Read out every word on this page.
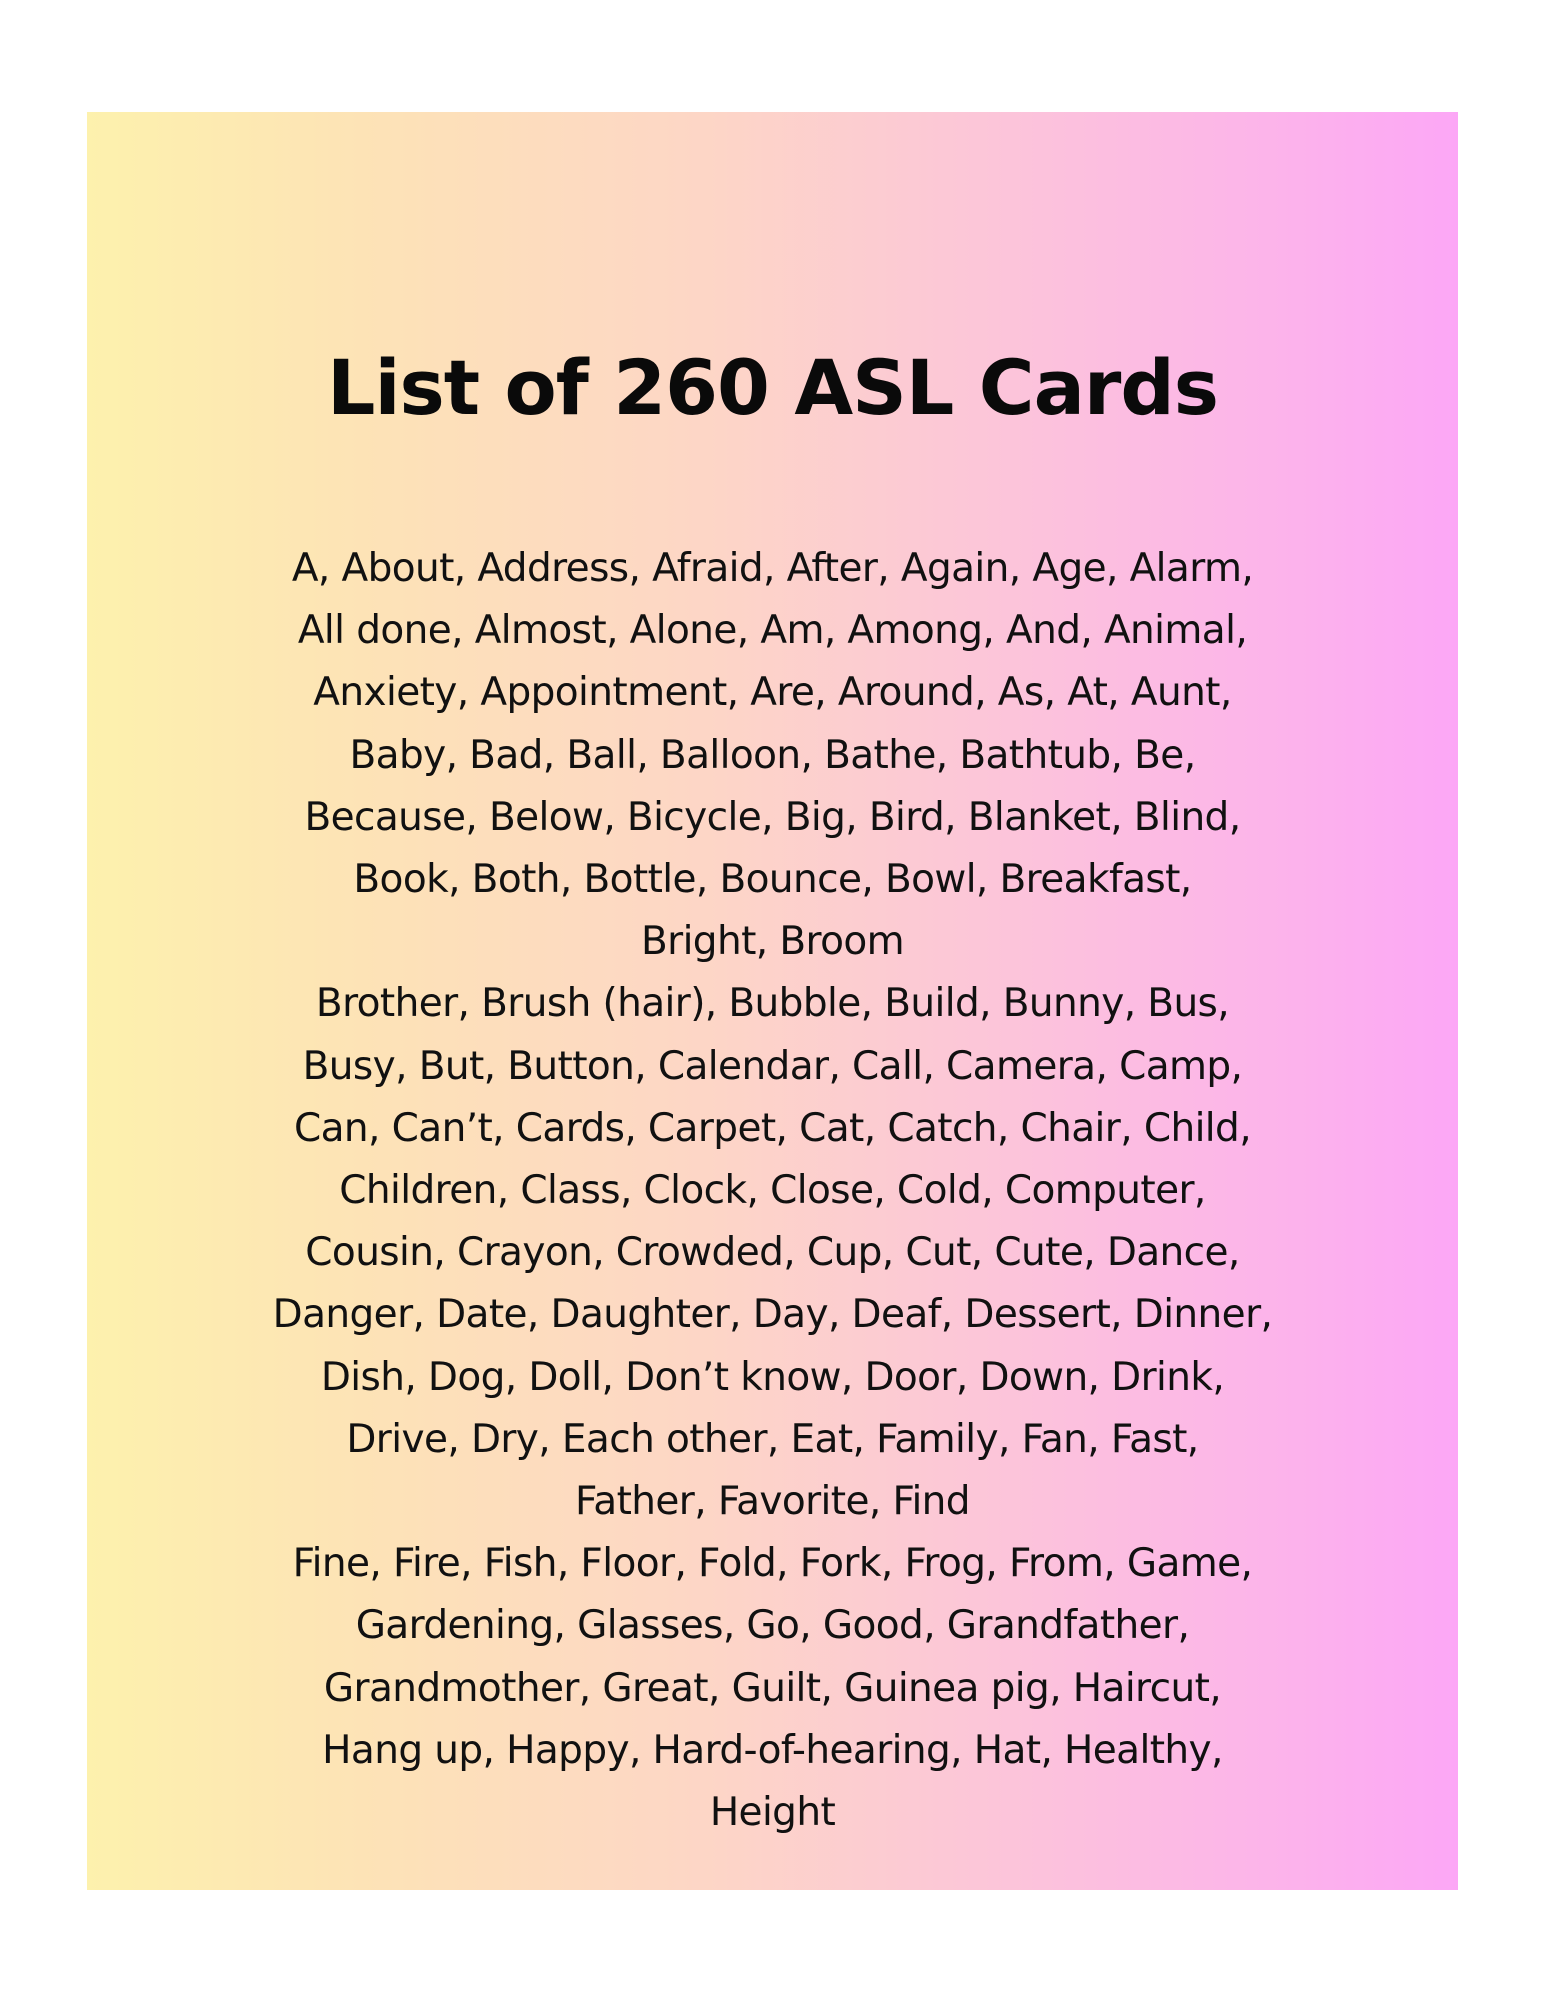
List of 260 ASL Cards
A, About, Address, Afraid, After, Again, Age, Alarm,
All done, Almost, Alone, Am, Among, And, Animal,
Anxiety, Appointment, Are, Around, As, At, Aunt,
Baby, Bad, Ball, Balloon, Bathe, Bathtub, Be,
Because, Below, Bicycle, Big, Bird, Blanket, Blind,
Book, Both, Bottle, Bounce, Bowl, Breakfast,
Bright, Broom
Brother, Brush (hair), Bubble, Build, Bunny, Bus,
Busy, But, Button, Calendar, Call, Camera, Camp,
Can, Can’t, Cards, Carpet, Cat, Catch, Chair, Child,
Children, Class, Clock, Close, Cold, Computer,
Cousin, Crayon, Crowded, Cup, Cut, Cute, Dance,
Danger, Date, Daughter, Day, Deaf, Dessert, Dinner,
Dish, Dog, Doll, Don’t know, Door, Down, Drink,
Drive, Dry, Each other, Eat, Family, Fan, Fast,
Father, Favorite, Find
Fine, Fire, Fish, Floor, Fold, Fork, Frog, From, Game,
Gardening, Glasses, Go, Good, Grandfather,
Grandmother, Great, Guilt, Guinea pig, Haircut,
Hang up, Happy, Hard-of-hearing, Hat, Healthy,
Height
